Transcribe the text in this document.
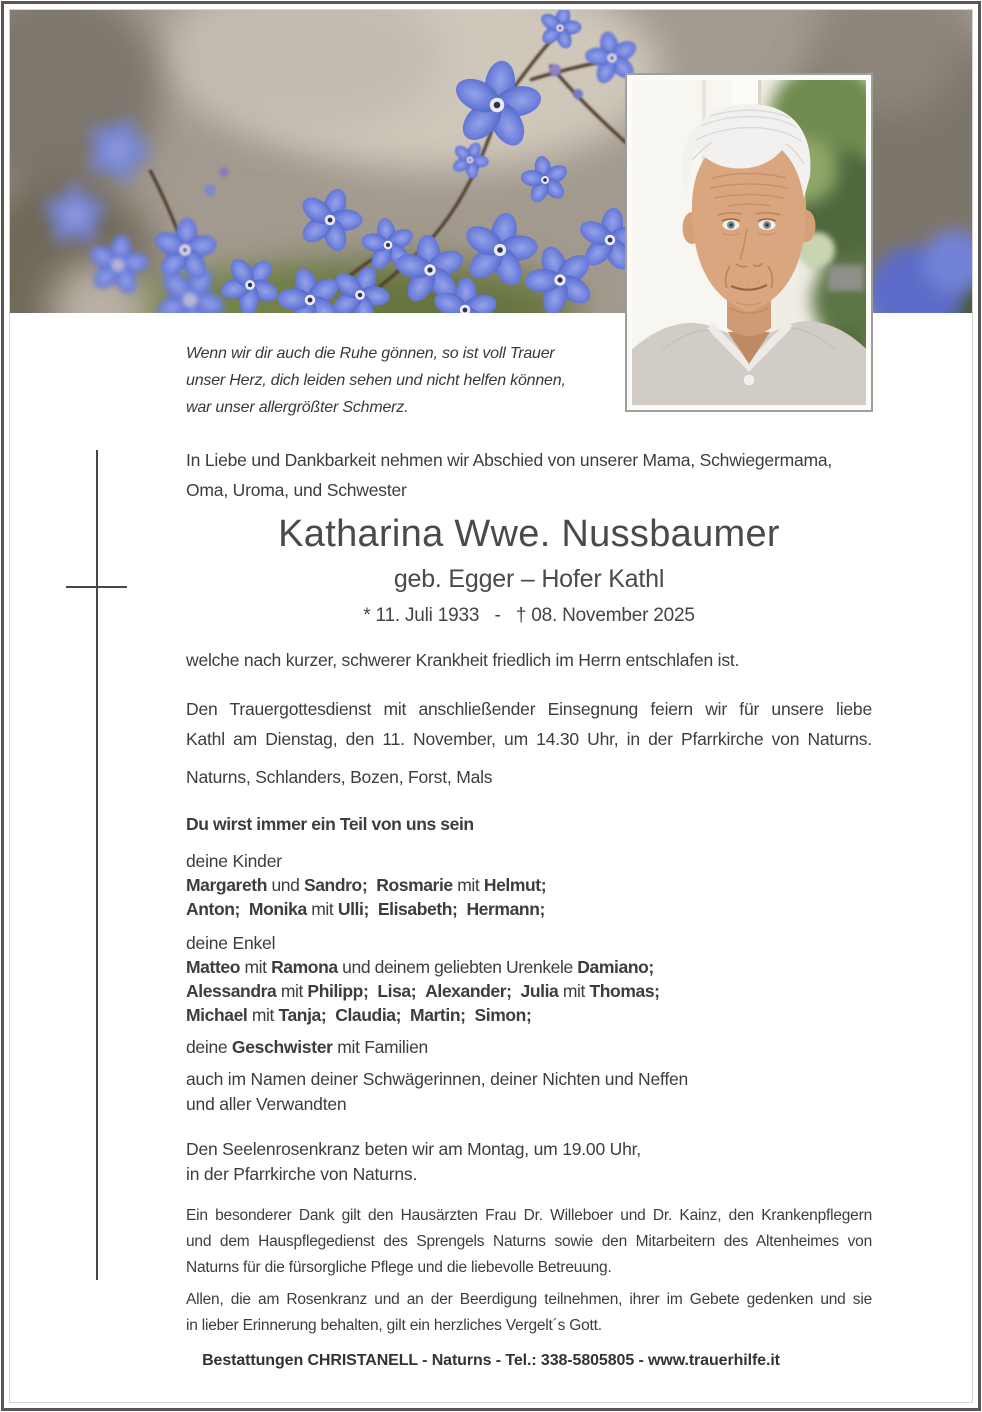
Wenn wir dir auch die Ruhe gönnen, so ist voll Trauer
unser Herz, dich leiden sehen und nicht helfen können,
war unser allergrößter Schmerz.
In Liebe und Dankbarkeit nehmen wir Abschied von unserer Mama, Schwiegermama,
Oma, Uroma, und Schwester
Katharina Wwe. Nussbaumer
geb. Egger – Hofer Kathl
* 11. Juli 1933   -   † 08. November 2025
welche nach kurzer, schwerer Krankheit friedlich im Herrn entschlafen ist.
Den Trauergottesdienst mit anschließender Einsegnung feiern wir für unsere liebe
Kathl am Dienstag, den 11. November, um 14.30 Uhr, in der Pfarrkirche von Naturns.
Naturns, Schlanders, Bozen, Forst, Mals
Du wirst immer ein Teil von uns sein
deine Kinder
Margareth und Sandro; Rosmarie mit Helmut;
Anton; Monika mit Ulli; Elisabeth; Hermann;
deine Enkel
Matteo mit Ramona und deinem geliebten Urenkele Damiano;
Alessandra mit Philipp; Lisa; Alexander; Julia mit Thomas;
Michael mit Tanja; Claudia; Martin; Simon;
deine Geschwister mit Familien
auch im Namen deiner Schwägerinnen, deiner Nichten und Neffen
und aller Verwandten
Den Seelenrosenkranz beten wir am Montag, um 19.00 Uhr,
in der Pfarrkirche von Naturns.
Ein besonderer Dank gilt den Hausärzten Frau Dr. Willeboer und Dr. Kainz, den Krankenpflegern
und dem Hauspflegedienst des Sprengels Naturns sowie den Mitarbeitern des Altenheimes von
Naturns für die fürsorgliche Pflege und die liebevolle Betreuung.
Allen, die am Rosenkranz und an der Beerdigung teilnehmen, ihrer im Gebete gedenken und sie
in lieber Erinnerung behalten, gilt ein herzliches Vergelt´s Gott.
Bestattungen CHRISTANELL - Naturns - Tel.: 338-5805805 - www.trauerhilfe.it
